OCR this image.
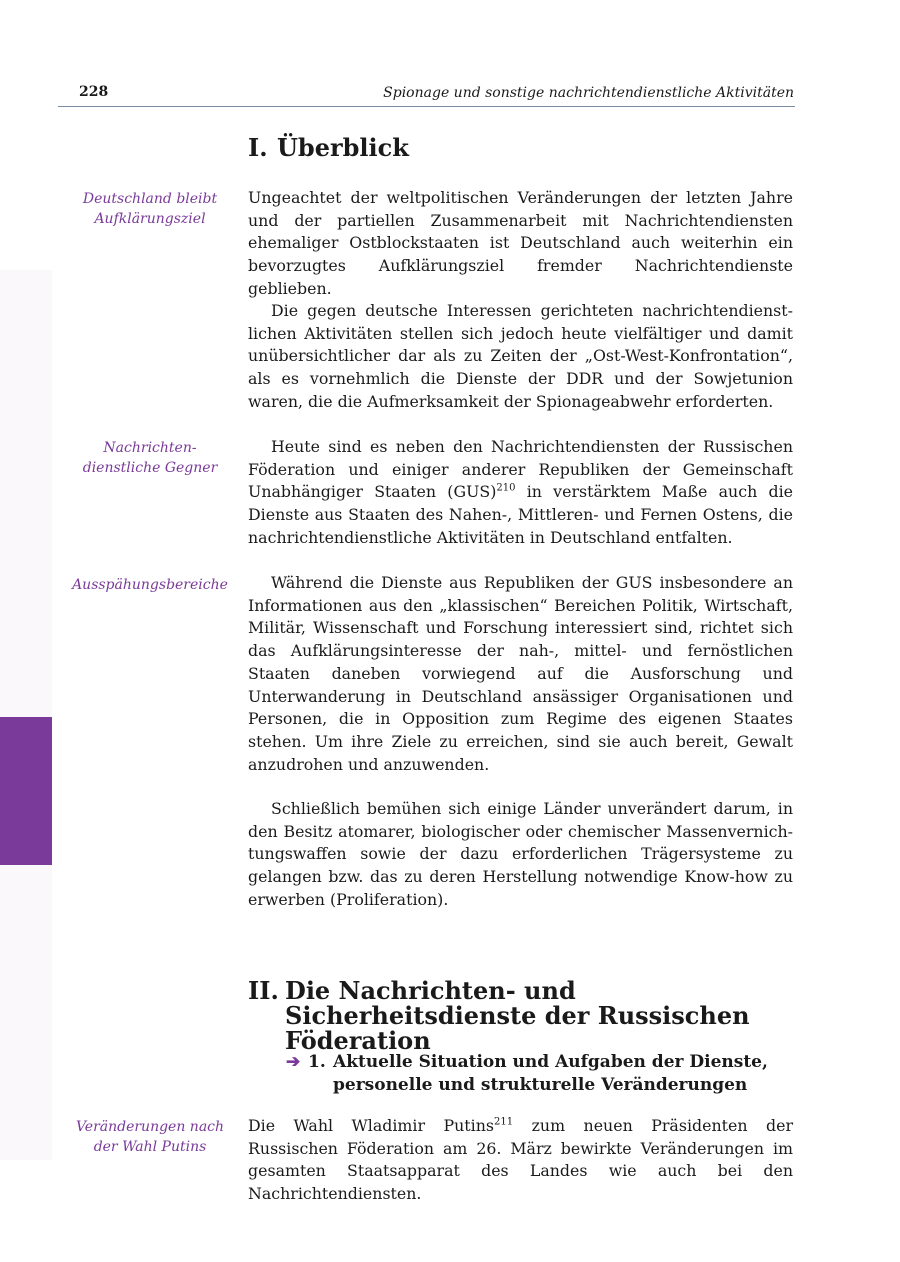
228	Spionage und sonstige nachrichtendienstliche Aktivitäten
Deutschland bleibt Aufklärungsziel
Nachrichten-dienstliche Gegner
Ausspähungsbereiche
Veränderungen nach der Wahl Putins
I. Überblick

Ungeachtet der weltpolitischen Veränderungen der letzten Jahre und der partiellen Zusammenarbeit mit Nachrichtendiensten ehemaliger Ostblockstaaten ist Deutschland auch weiterhin ein bevorzugtes Aufklärungsziel fremder Nachrichtendienste geblieben.

Die gegen deutsche Interessen gerichteten nachrichtendienstlichen Aktivitäten stellen sich jedoch heute vielfältiger und damit unübersichtlicher dar als zu Zeiten der „Ost-West-Konfrontation“, als es vornehmlich die Dienste der DDR und der Sowjetunion waren, die die Aufmerksamkeit der Spionageabwehr erforderten.

Heute sind es neben den Nachrichtendiensten der Russischen Föderation und einiger anderer Republiken der Gemeinschaft Unabhängiger Staaten (GUS)$^{210}$ in verstärktem Maße auch die Dienste aus Staaten des Nahen-, Mittleren- und Fernen Ostens, die nachrichtendienstliche Aktivitäten in Deutschland entfalten.

Während die Dienste aus Republiken der GUS insbesondere an Informationen aus den „klassischen“ Bereichen Politik, Wirtschaft, Militär, Wissenschaft und Forschung interessiert sind, richtet sich das Aufklärungsinteresse der nah-, mittel- und fernöstlichen Staaten daneben vorwiegend auf die Ausforschung und Unterwanderung in Deutschland ansässiger Organisationen und Personen, die in Opposition zum Regime des eigenen Staates stehen. Um ihre Ziele zu erreichen, sind sie auch bereit, Gewalt anzudrohen und anzuwenden.

Schließlich bemühen sich einige Länder unverändert darum, in den Besitz atomarer, biologischer oder chemischer Massenvernichtungswaffen sowie der dazu erforderlichen Trägersysteme zu gelangen bzw. das zu deren Herstellung notwendige Know-how zu erwerben (Proliferation).

II. Die Nachrichten- und Sicherheitsdienste der Russischen Föderation
➔ 1. Aktuelle Situation und Aufgaben der Dienste, personelle und strukturelle Veränderungen

Die Wahl Wladimir Putins$^{211}$ zum neuen Präsidenten der Russischen Föderation am 26. März bewirkte Veränderungen im gesamten Staatsapparat des Landes wie auch bei den Nachrichtendiensten.
